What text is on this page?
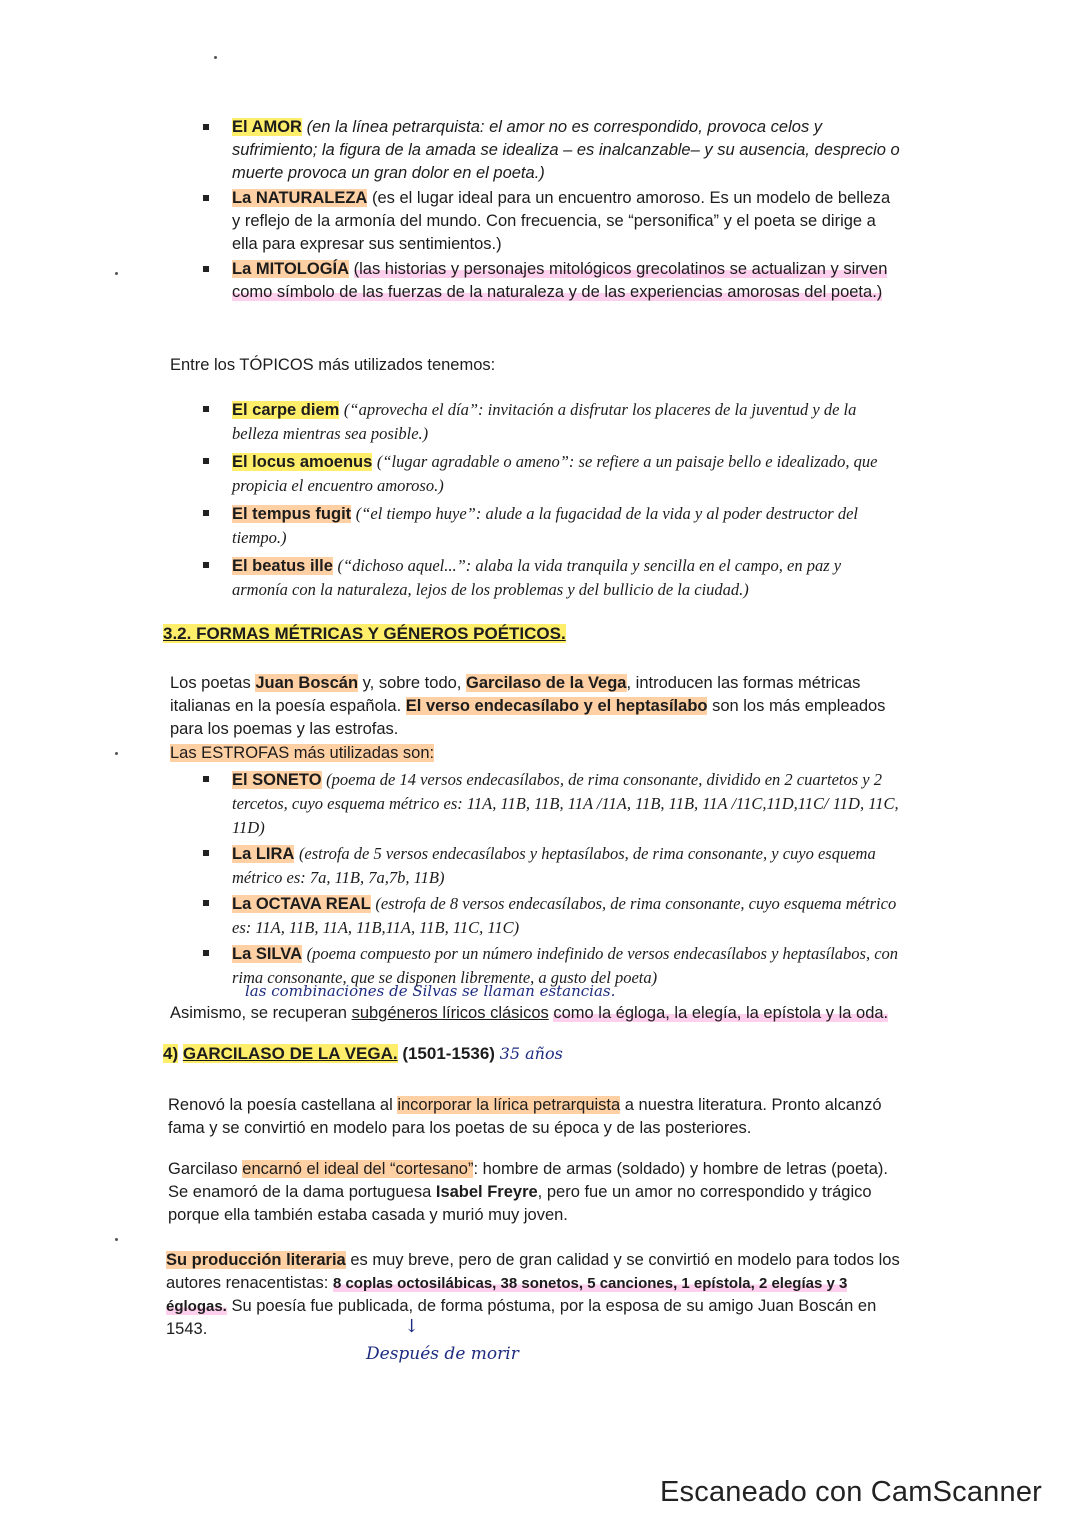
El AMOR (en la línea petrarquista: el amor no es correspondido, provoca celos y sufrimiento; la figura de la amada se idealiza – es inalcanzable– y su ausencia, desprecio o muerte provoca un gran dolor en el poeta.)
La NATURALEZA (es el lugar ideal para un encuentro amoroso. Es un modelo de belleza y reflejo de la armonía del mundo. Con frecuencia, se “personifica” y el poeta se dirige a ella para expresar sus sentimientos.)
La MITOLOGÍA (las historias y personajes mitológicos grecolatinos se actualizan y sirven como símbolo de las fuerzas de la naturaleza y de las experiencias amorosas del poeta.)
Entre los TÓPICOS más utilizados tenemos:
El carpe diem (“aprovecha el día”: invitación a disfrutar los placeres de la juventud y de la belleza mientras sea posible.)
El locus amoenus (“lugar agradable o ameno”: se refiere a un paisaje bello e idealizado, que propicia el encuentro amoroso.)
El tempus fugit (“el tiempo huye”: alude a la fugacidad de la vida y al poder destructor del tiempo.)
El beatus ille (“dichoso aquel...”: alaba la vida tranquila y sencilla en el campo, en paz y armonía con la naturaleza, lejos de los problemas y del bullicio de la ciudad.)
3.2. FORMAS MÉTRICAS Y GÉNEROS POÉTICOS.
Los poetas Juan Boscán y, sobre todo, Garcilaso de la Vega, introducen las formas métricas italianas en la poesía española. El verso endecasílabo y el heptasílabo son los más empleados para los poemas y las estrofas.
Las ESTROFAS más utilizadas son:
El SONETO (poema de 14 versos endecasílabos, de rima consonante, dividido en 2 cuartetos y 2 tercetos, cuyo esquema métrico es: 11A, 11B, 11B, 11A /11A, 11B, 11B, 11A /11C,11D,11C/ 11D, 11C, 11D)
La LIRA (estrofa de 5 versos endecasílabos y heptasílabos, de rima consonante, y cuyo esquema métrico es: 7a, 11B, 7a,7b, 11B)
La OCTAVA REAL (estrofa de 8 versos endecasílabos, de rima consonante, cuyo esquema métrico es: 11A, 11B, 11A, 11B,11A, 11B, 11C, 11C)
La SILVA (poema compuesto por un número indefinido de versos endecasílabos y heptasílabos, con rima consonante, que se disponen libremente, a gusto del poeta)
las combinaciones de Silvas se llaman estancias.
Asimismo, se recuperan subgéneros líricos clásicos como la égloga, la elegía, la epístola y la oda.
4) GARCILASO DE LA VEGA. (1501-1536) 35 años
Renovó la poesía castellana al incorporar la lírica petrarquista a nuestra literatura. Pronto alcanzó fama y se convirtió en modelo para los poetas de su época y de las posteriores.
Garcilaso encarnó el ideal del “cortesano”: hombre de armas (soldado) y hombre de letras (poeta). Se enamoró de la dama portuguesa Isabel Freyre, pero fue un amor no correspondido y trágico porque ella también estaba casada y murió muy joven.
Su producción literaria es muy breve, pero de gran calidad y se convirtió en modelo para todos los autores renacentistas: 8 coplas octosilábicas, 38 sonetos, 5 canciones, 1 epístola, 2 elegías y 3 églogas. Su poesía fue publicada, de forma póstuma, por la esposa de su amigo Juan Boscán en 1543.	↓
Después de morir
Escaneado con CamScanner
